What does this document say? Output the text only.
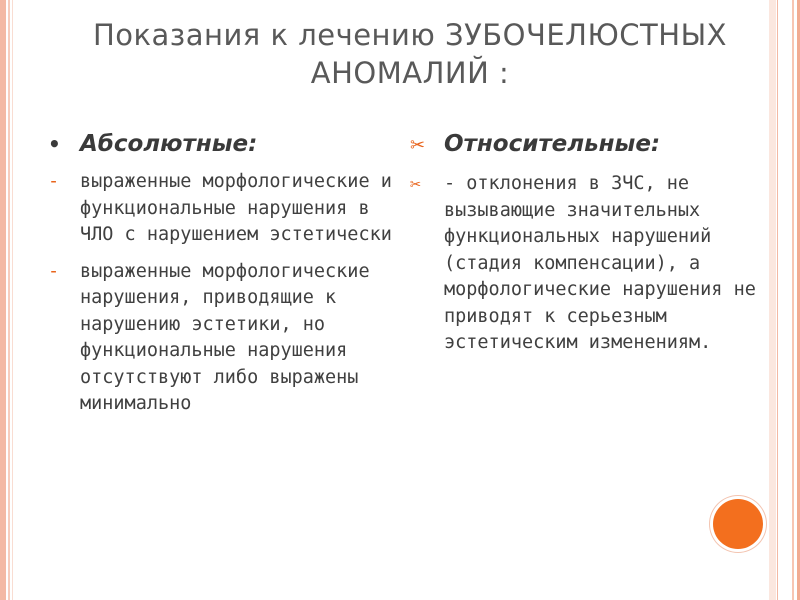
Показания к лечению ЗУБОЧЕЛЮСТНЫХ АНОМАЛИЙ :
• Абсолютные:
- выраженные морфологические и функциональные нарушения в ЧЛО с нарушением эстетически
- выраженные морфологические нарушения, приводящие к нарушению эстетики, но функциональные нарушения отсутствуют либо выражены минимально
✂ Относительные:
✂ - отклонения в ЗЧС, не вызывающие значительных функциональных нарушений (стадия компенсации), а морфологические нарушения не приводят к серьезным эстетическим изменениям.
